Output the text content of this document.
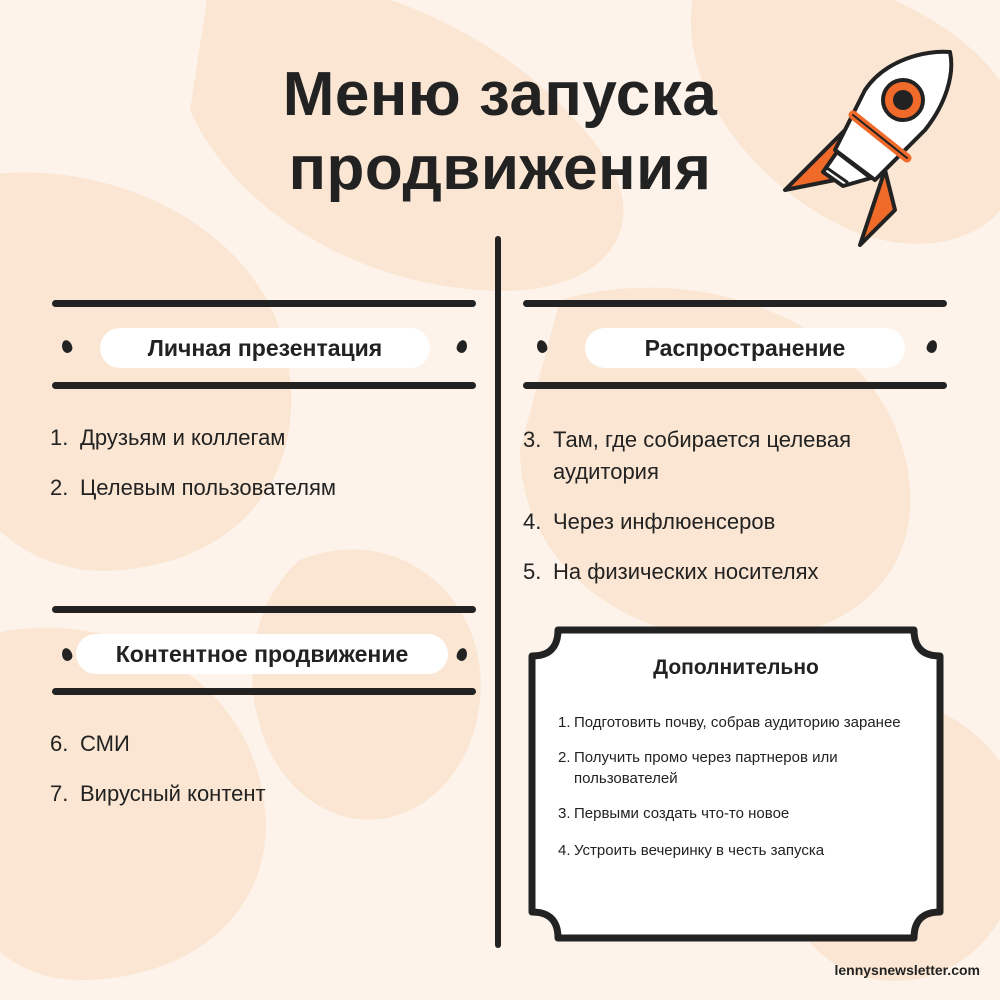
Меню запуска
продвижения
Личная презентация
1. Друзьям и коллегам
2. Целевым пользователям
Распространение
3. Там, где собирается целевая аудитория
4. Через инфлюенсеров
5. На физических носителях
Контентное продвижение
6. СМИ
7. Вирусный контент
Дополнительно
1. Подготовить почву, собрав аудиторию заранее
2. Получить промо через партнеров или пользователей
3. Первыми создать что-то новое
4. Устроить вечеринку в честь запуска
lennysnewsletter.com
